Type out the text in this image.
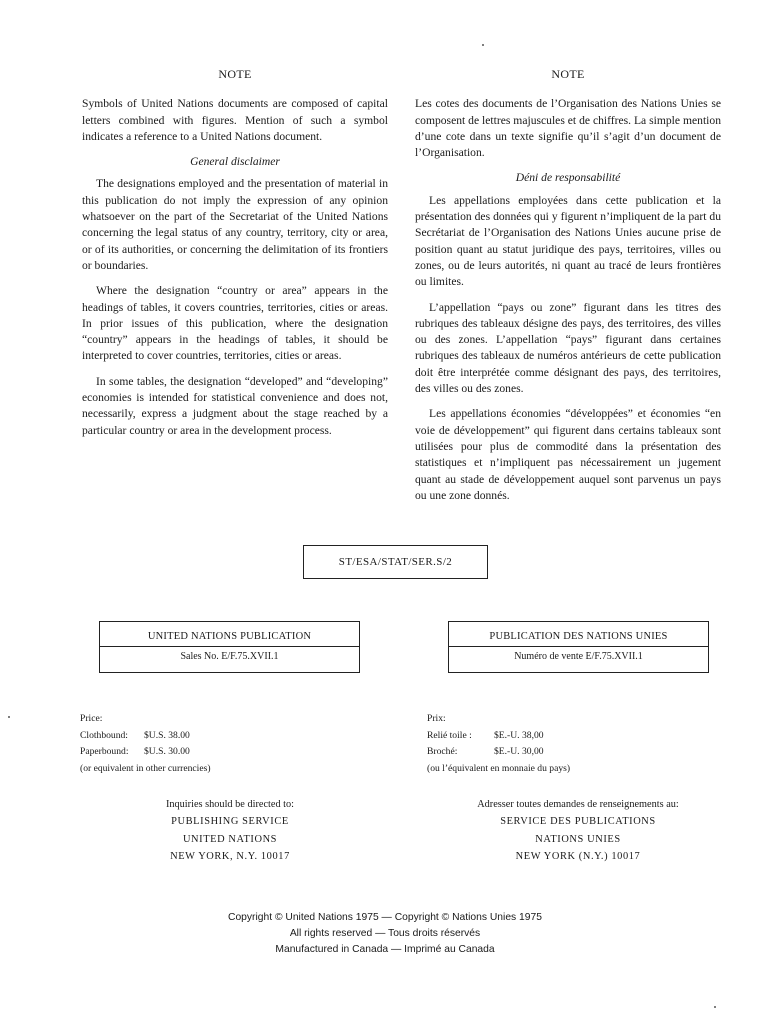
NOTE

Symbols of United Nations documents are composed of capital letters combined with figures. Mention of such a symbol indicates a reference to a United Nations document.

General disclaimer

The designations employed and the presentation of material in this publication do not imply the expression of any opinion whatsoever on the part of the Secretariat of the United Nations concerning the legal status of any country, territory, city or area, or of its authorities, or concerning the delimitation of its frontiers or boundaries.

Where the designation “country or area” appears in the headings of tables, it covers countries, territories, cities or areas. In prior issues of this publication, where the designation “country” appears in the headings of tables, it should be interpreted to cover countries, territories, cities or areas.

In some tables, the designation “developed” and “developing” economies is intended for statistical convenience and does not, necessarily, express a judgment about the stage reached by a particular country or area in the development process.

NOTE

Les cotes des documents de l’Organisation des Nations Unies se composent de lettres majuscules et de chiffres. La simple mention d’une cote dans un texte signifie qu’il s’agit d’un document de l’Organisation.

Déni de responsabilité

Les appellations employées dans cette publication et la présentation des données qui y figurent n’impliquent de la part du Secrétariat de l’Organisation des Nations Unies aucune prise de position quant au statut juridique des pays, territoires, villes ou zones, ou de leurs autorités, ni quant au tracé de leurs frontières ou limites.

L’appellation “pays ou zone” figurant dans les titres des rubriques des tableaux désigne des pays, des territoires, des villes ou des zones. L’appellation “pays” figurant dans certaines rubriques des tableaux de numéros antérieurs de cette publication doit être interprétée comme désignant des pays, des territoires, des villes ou des zones.

Les appellations économies “développées” et économies “en voie de développement” qui figurent dans certains tableaux sont utilisées pour plus de commodité dans la présentation des statistiques et n’impliquent pas nécessairement un jugement quant au stade de développement auquel sont parvenus un pays ou une zone donnés.

ST/ESA/STAT/SER.S/2
UNITED NATIONS PUBLICATION
Sales No. E/F.75.XVII.1
PUBLICATION DES NATIONS UNIES
Numéro de vente E/F.75.XVII.1
Price:
Clothbound:	$U.S. 38.00
Paperbound:	$U.S. 30.00
(or equivalent in other currencies)
Prix:
Relié toile :	$E.-U. 38,00
Broché:	$E.-U. 30,00
(ou l’équivalent en monnaie du pays)
Inquiries should be directed to:
PUBLISHING SERVICE
UNITED NATIONS
NEW YORK, N.Y. 10017
Adresser toutes demandes de renseignements au:
SERVICE DES PUBLICATIONS
NATIONS UNIES
NEW YORK (N.Y.) 10017
Copyright © United Nations 1975 — Copyright © Nations Unies 1975
All rights reserved — Tous droits réservés
Manufactured in Canada — Imprimé au Canada
